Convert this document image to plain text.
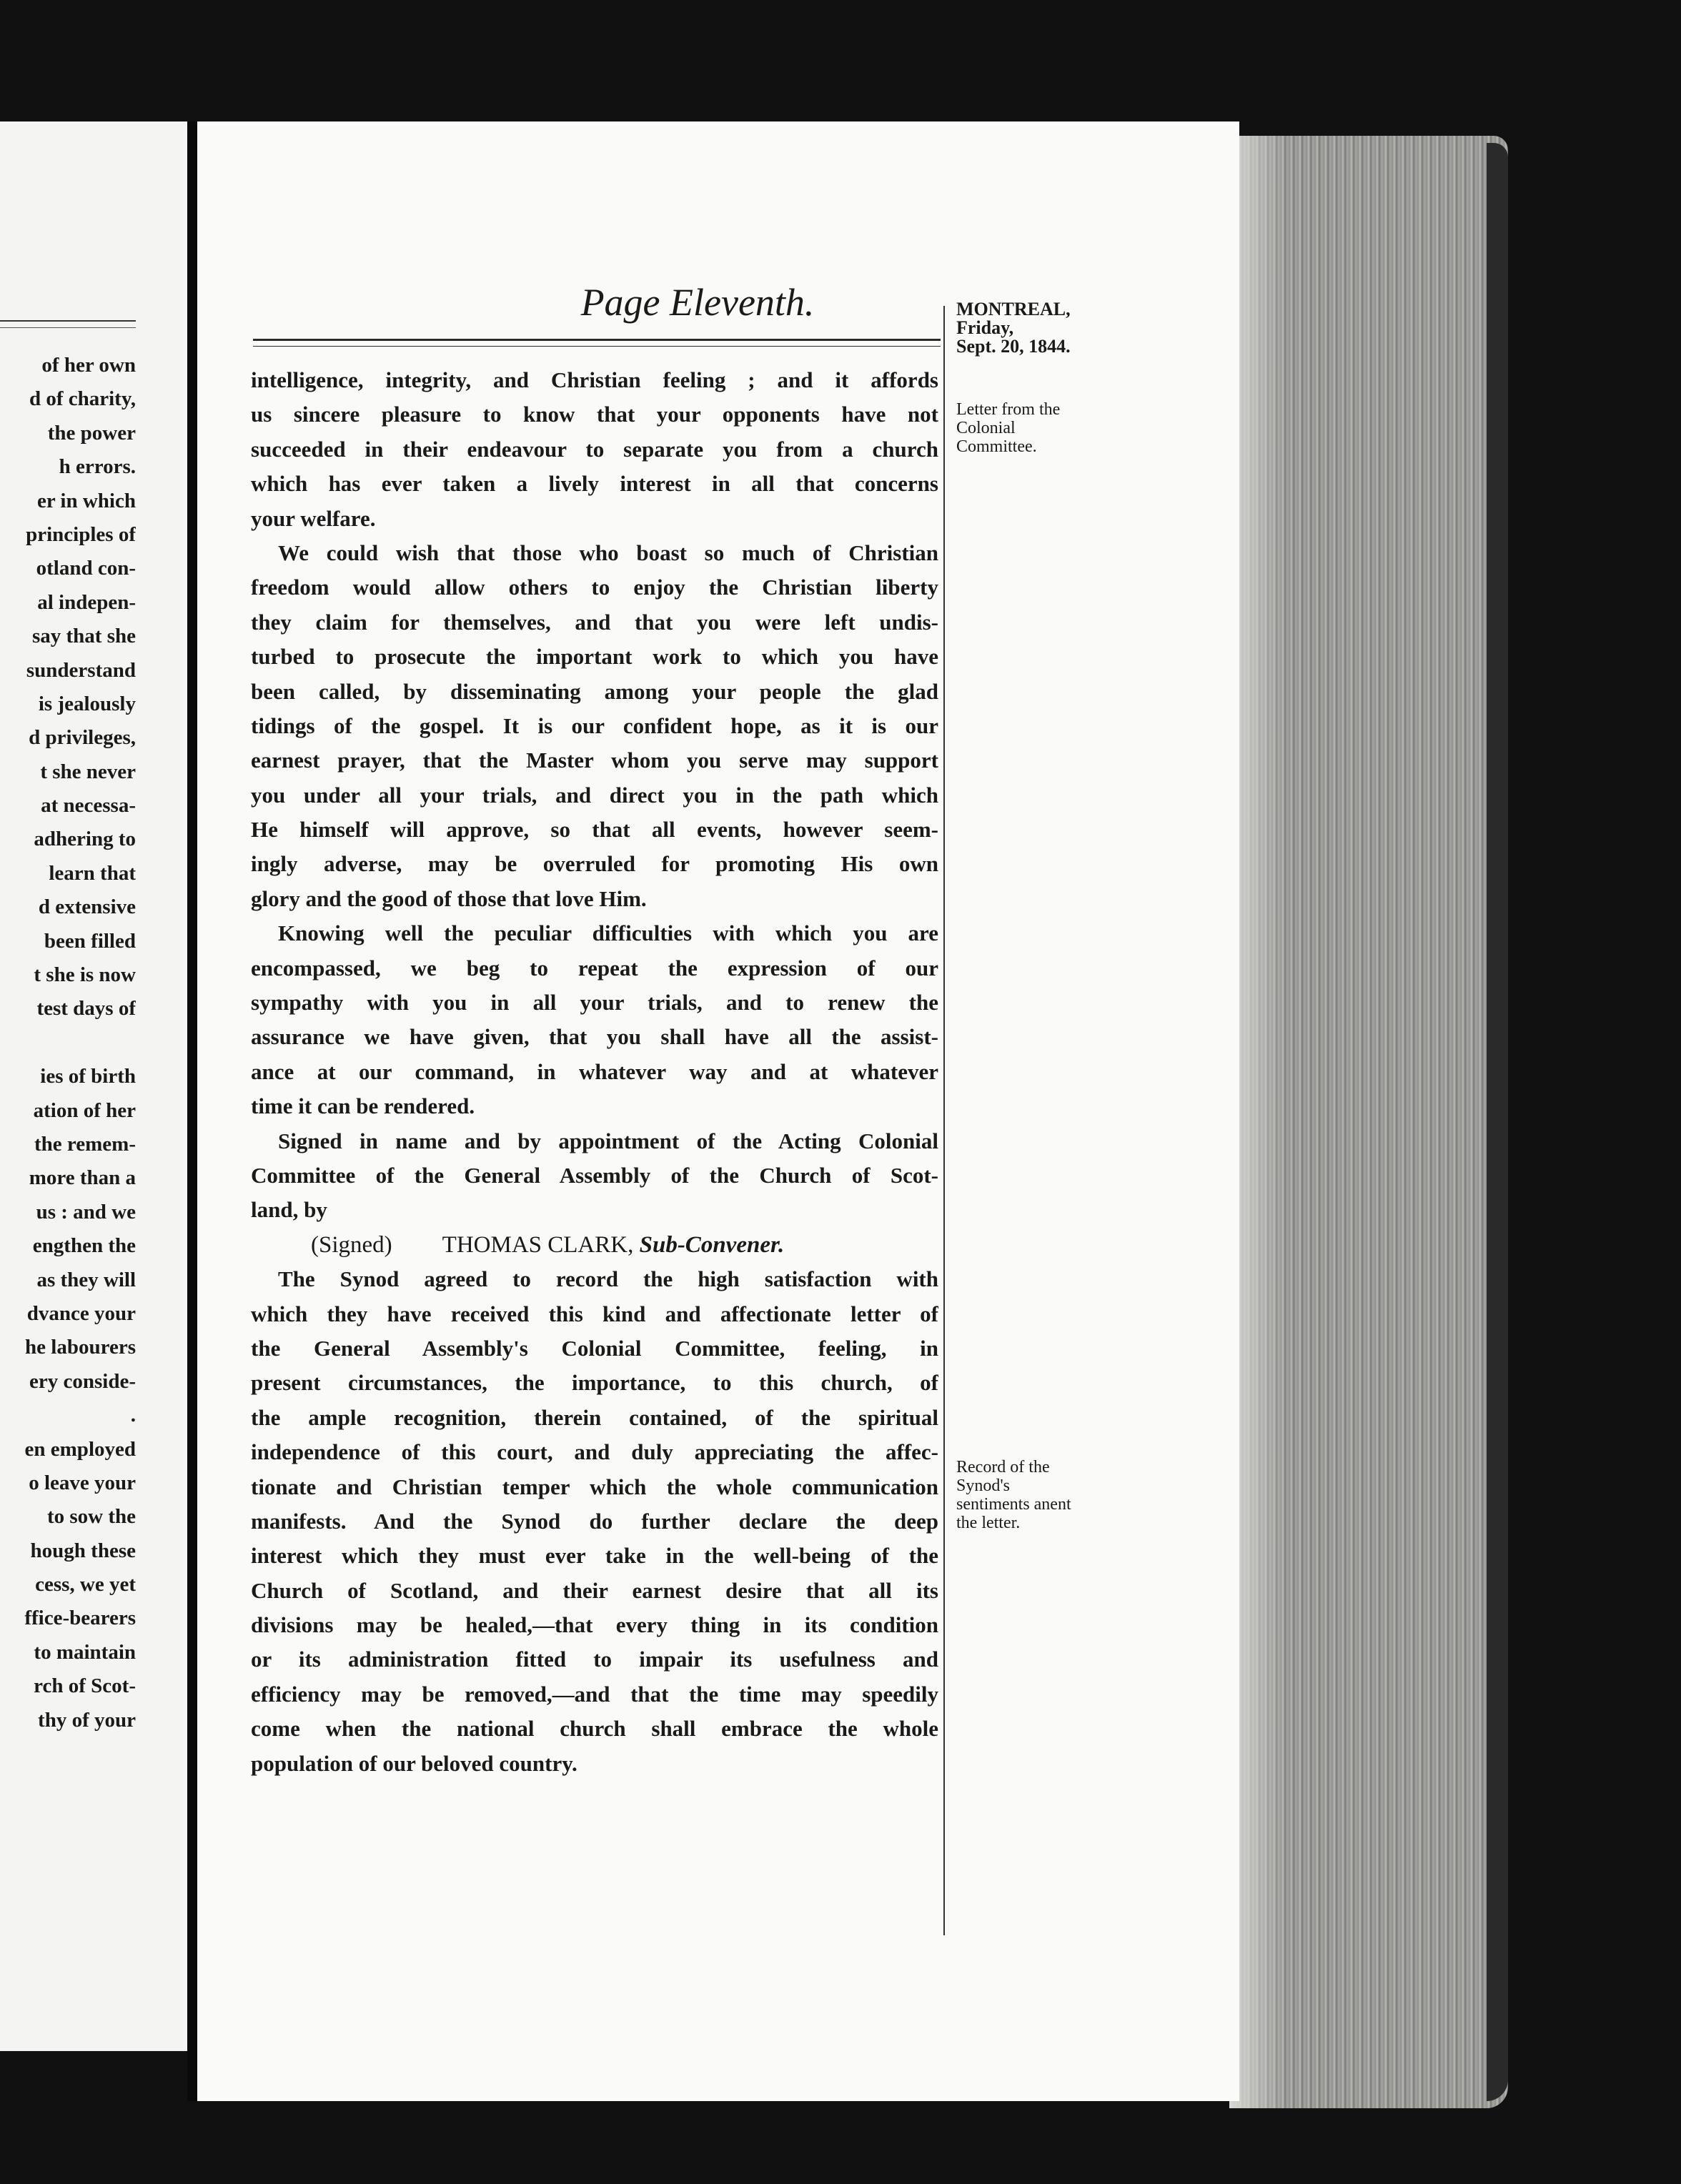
of her own
d of charity,
the power
h errors.
er in which
principles of
otland con-
al indepen-
say that she
sunderstand
is jealously
d privileges,
t she never
at necessa-
adhering to
learn that
d extensive
been filled
t she is now
test days of
ies of birth
ation of her
the remem-
more than a
us : and we
engthen the
as they will
dvance your
he labourers
ery conside-
.
en employed
o leave your
to sow the
hough these
cess, we yet
ffice-bearers
to maintain
rch of Scot-
thy of your
Page Eleventh.
intelligence, integrity, and Christian feeling ; and it affords
us sincere pleasure to know that your opponents have not
succeeded in their endeavour to separate you from a church
which has ever taken a lively interest in all that concerns
your welfare.
We could wish that those who boast so much of Christian
freedom would allow others to enjoy the Christian liberty
they claim for themselves, and that you were left undis-
turbed to prosecute the important work to which you have
been called, by disseminating among your people the glad
tidings of the gospel. It is our confident hope, as it is our
earnest prayer, that the Master whom you serve may support
you under all your trials, and direct you in the path which
He himself will approve, so that all events, however seem-
ingly adverse, may be overruled for promoting His own
glory and the good of those that love Him.
Knowing well the peculiar difficulties with which you are
encompassed, we beg to repeat the expression of our
sympathy with you in all your trials, and to renew the
assurance we have given, that you shall have all the assist-
ance at our command, in whatever way and at whatever
time it can be rendered.
Signed in name and by appointment of the Acting Colonial
Committee of the General Assembly of the Church of Scot-
land, by
(Signed) THOMAS CLARK, Sub-Convener.
The Synod agreed to record the high satisfaction with
which they have received this kind and affectionate letter of
the General Assembly's Colonial Committee, feeling, in
present circumstances, the importance, to this church, of
the ample recognition, therein contained, of the spiritual
independence of this court, and duly appreciating the affec-
tionate and Christian temper which the whole communication
manifests. And the Synod do further declare the deep
interest which they must ever take in the well-being of the
Church of Scotland, and their earnest desire that all its
divisions may be healed,—that every thing in its condition
or its administration fitted to impair its usefulness and
efficiency may be removed,—and that the time may speedily
come when the national church shall embrace the whole
population of our beloved country.
MONTREAL,
Friday,
Sept. 20, 1844.
Letter from the
Colonial
Committee.
Record of the
Synod's
sentiments anent
the letter.
